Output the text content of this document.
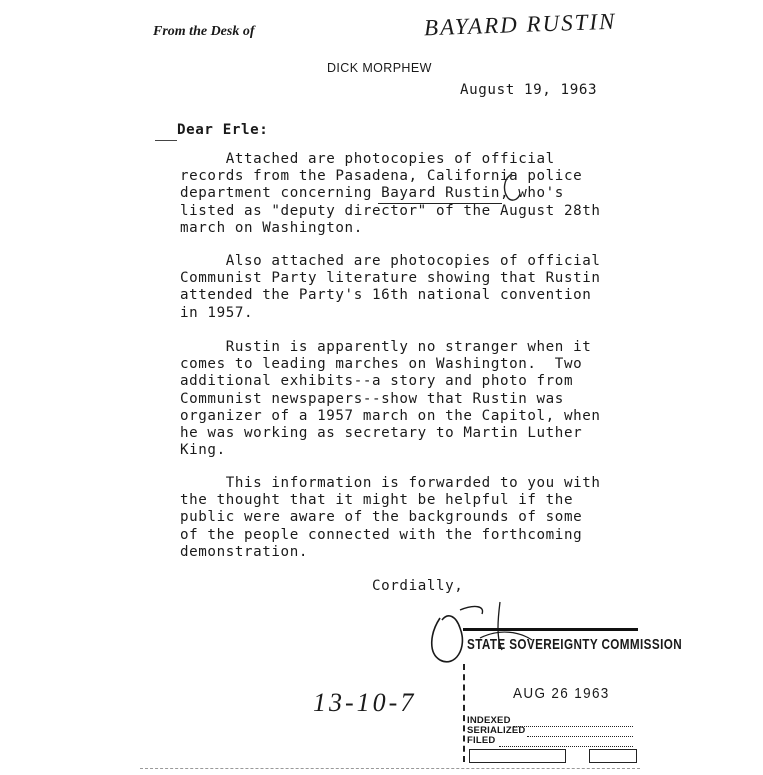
From the Desk of	BAYARD RUSTIN
DICK MORPHEW
August 19, 1963
Dear Erle:
Attached are photocopies of official
records from the Pasadena, California police
department concerning Bayard Rustin, who's
listed as "deputy director" of the August 28th
march on Washington.
Also attached are photocopies of official
Communist Party literature showing that Rustin
attended the Party's 16th national convention
in 1957.
Rustin is apparently no stranger when it
comes to leading marches on Washington.  Two
additional exhibits--a story and photo from
Communist newspapers--show that Rustin was
organizer of a 1957 march on the Capitol, when
he was working as secretary to Martin Luther
King.
This information is forwarded to you with
the thought that it might be helpful if the
public were aware of the backgrounds of some
of the people connected with the forthcoming
demonstration.
Cordially,
13-10-7
STATE SOVEREIGNTY COMMISSION
AUG 26 1963
INDEXED
SERIALIZED
FILED
